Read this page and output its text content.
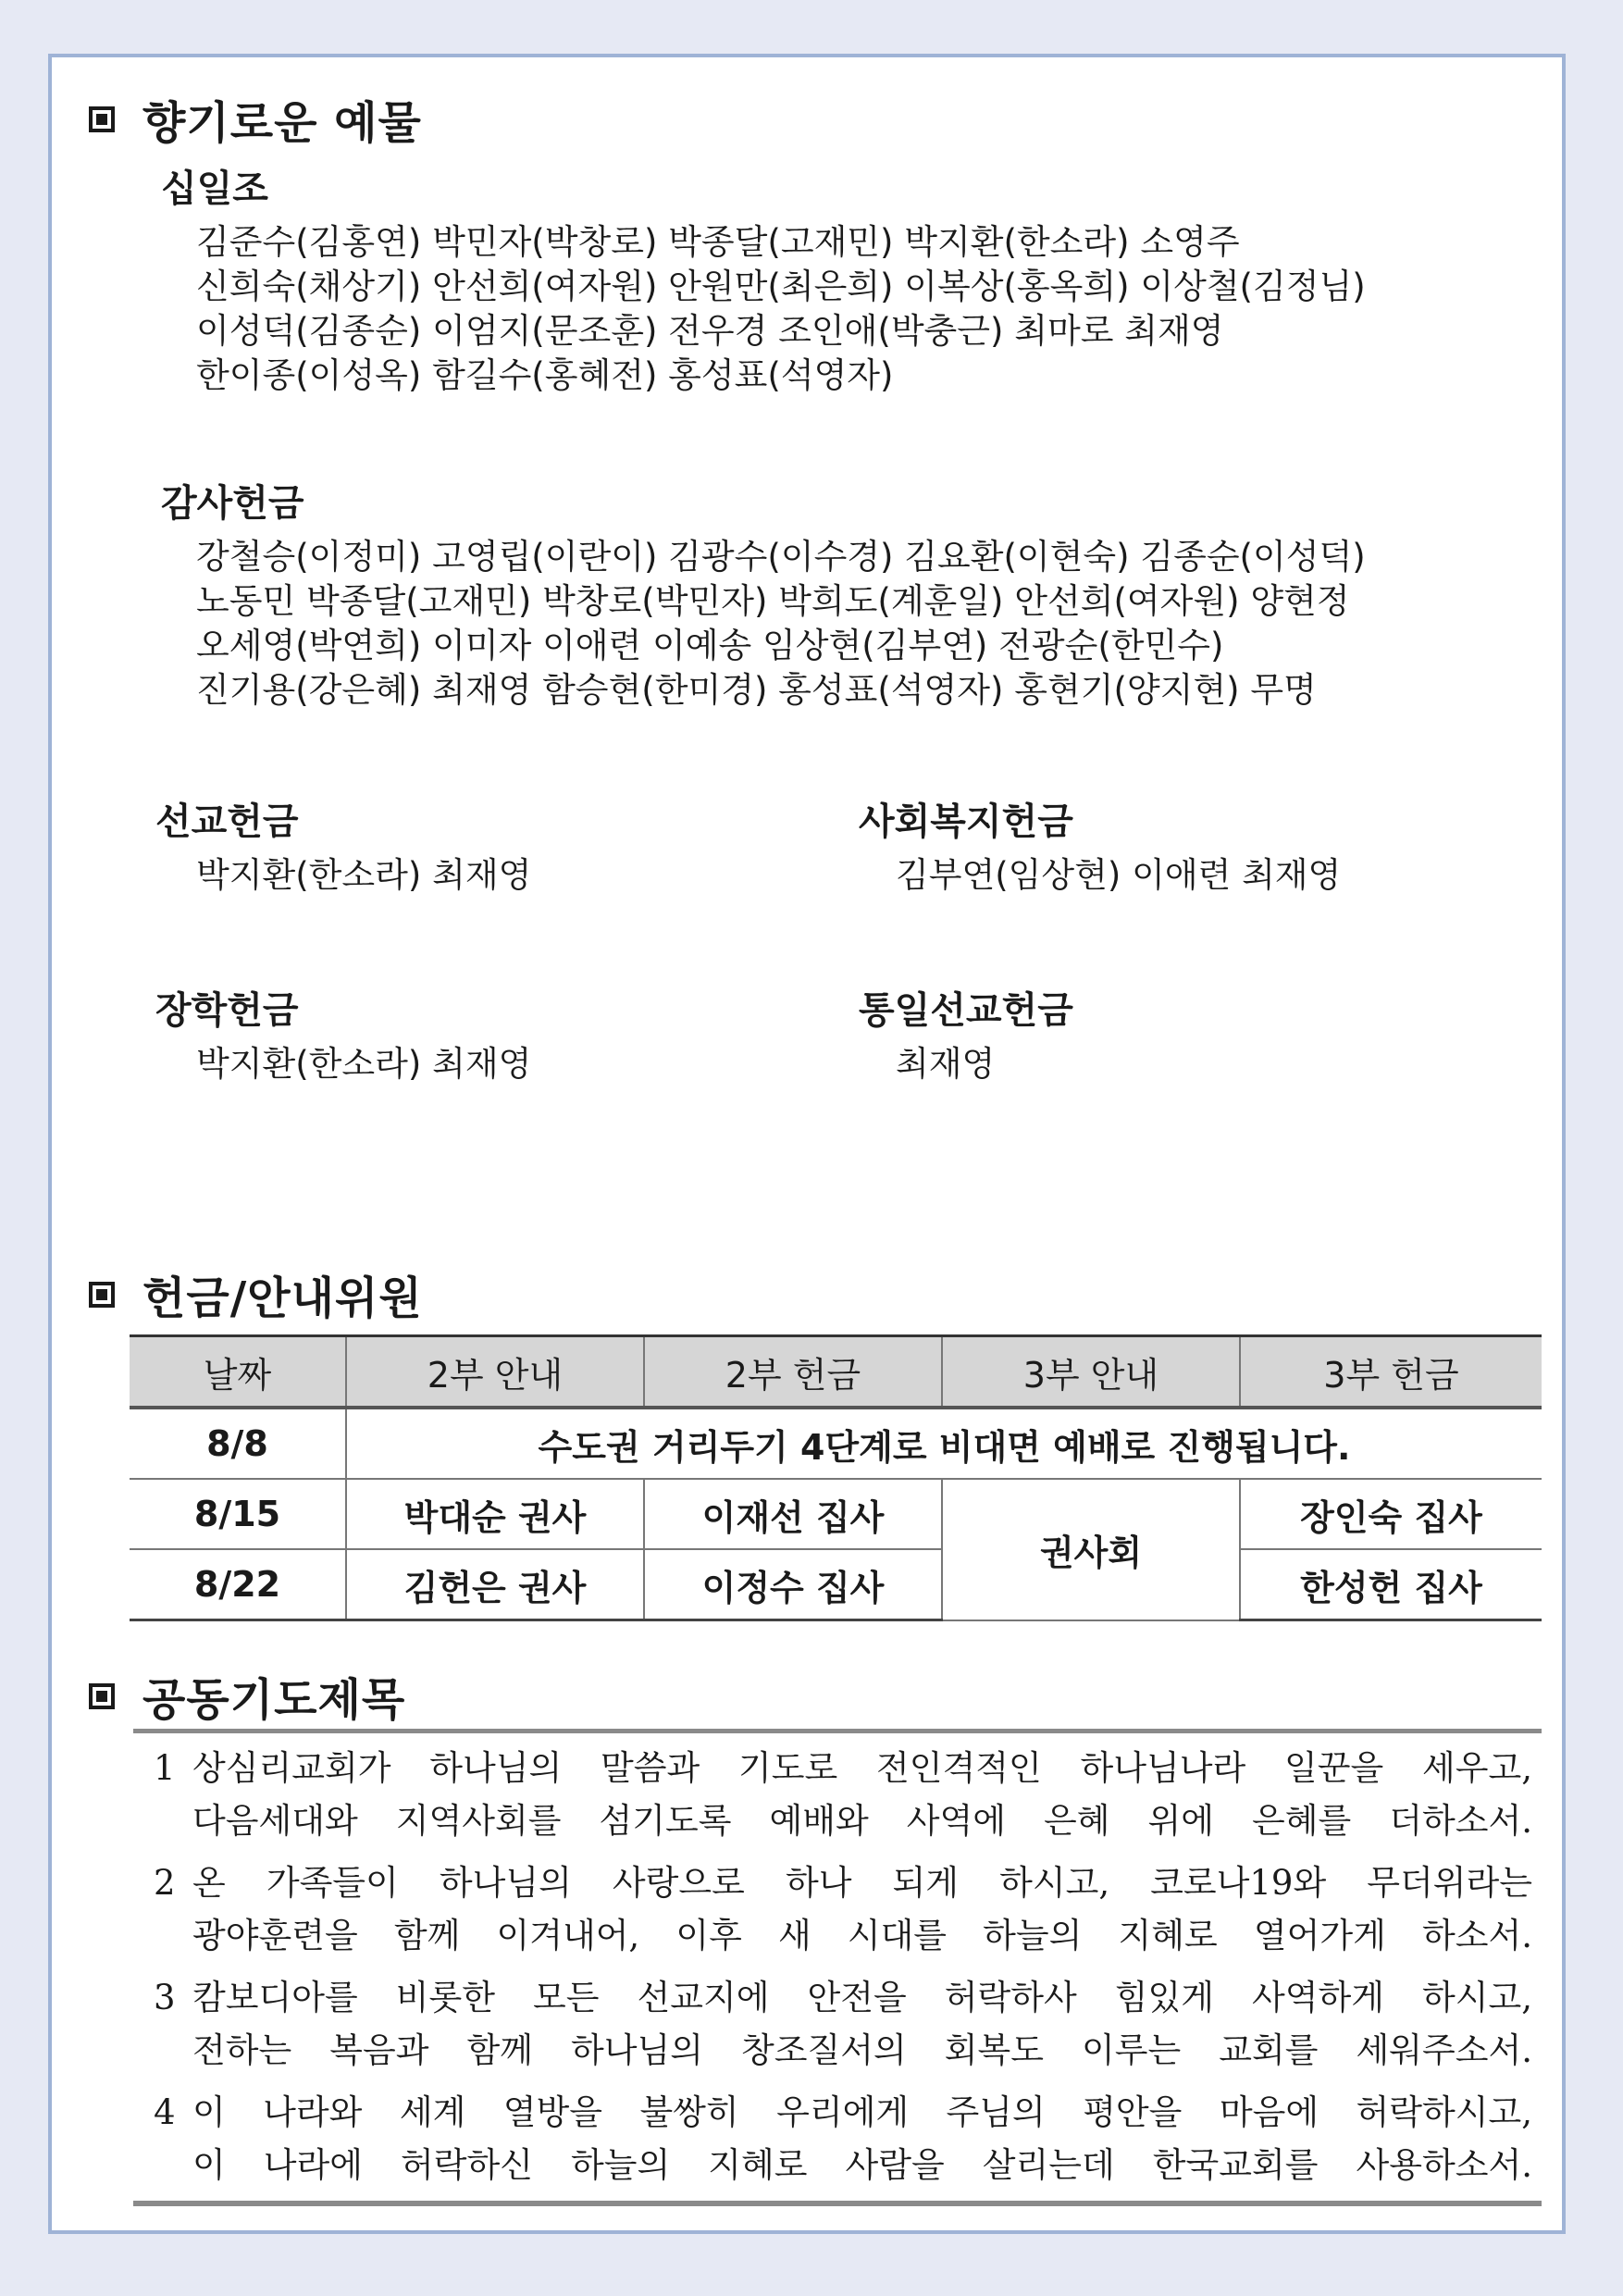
향기로운 예물
십일조
김준수(김홍연) 박민자(박창로) 박종달(고재민) 박지환(한소라) 소영주
신희숙(채상기) 안선희(여자원) 안원만(최은희) 이복상(홍옥희) 이상철(김정님)
이성덕(김종순) 이엄지(문조훈) 전우경 조인애(박충근) 최마로 최재영
한이종(이성옥) 함길수(홍혜전) 홍성표(석영자)
감사헌금
강철승(이정미) 고영립(이란이) 김광수(이수경) 김요환(이현숙) 김종순(이성덕)
노동민 박종달(고재민) 박창로(박민자) 박희도(계훈일) 안선희(여자원) 양현정
오세영(박연희) 이미자 이애련 이예송 임상현(김부연) 전광순(한민수)
진기용(강은혜) 최재영 함승현(한미경) 홍성표(석영자) 홍현기(양지현) 무명
선교헌금
박지환(한소라) 최재영
사회복지헌금
김부연(임상현) 이애련 최재영
장학헌금
박지환(한소라) 최재영
통일선교헌금
최재영
헌금/안내위원
날짜	2부 안내	2부 헌금	3부 안내	3부 헌금
8/8	수도권 거리두기 4단계로 비대면 예배로 진행됩니다.			
8/15	박대순 권사	이재선 집사	권사회	장인숙 집사
8/22	김헌은 권사	이정수 집사		한성헌 집사
공동기도제목
1 상심리교회가 하나님의 말씀과 기도로 전인격적인 하나님나라 일꾼을 세우고,
다음세대와 지역사회를 섬기도록 예배와 사역에 은혜 위에 은혜를 더하소서.
2 온 가족들이 하나님의 사랑으로 하나 되게 하시고, 코로나19와 무더위라는
광야훈련을 함께 이겨내어, 이후 새 시대를 하늘의 지혜로 열어가게 하소서.
3 캄보디아를 비롯한 모든 선교지에 안전을 허락하사 힘있게 사역하게 하시고,
전하는 복음과 함께 하나님의 창조질서의 회복도 이루는 교회를 세워주소서.
4 이 나라와 세계 열방을 불쌍히 우리에게 주님의 평안을 마음에 허락하시고,
이 나라에 허락하신 하늘의 지혜로 사람을 살리는데 한국교회를 사용하소서.
